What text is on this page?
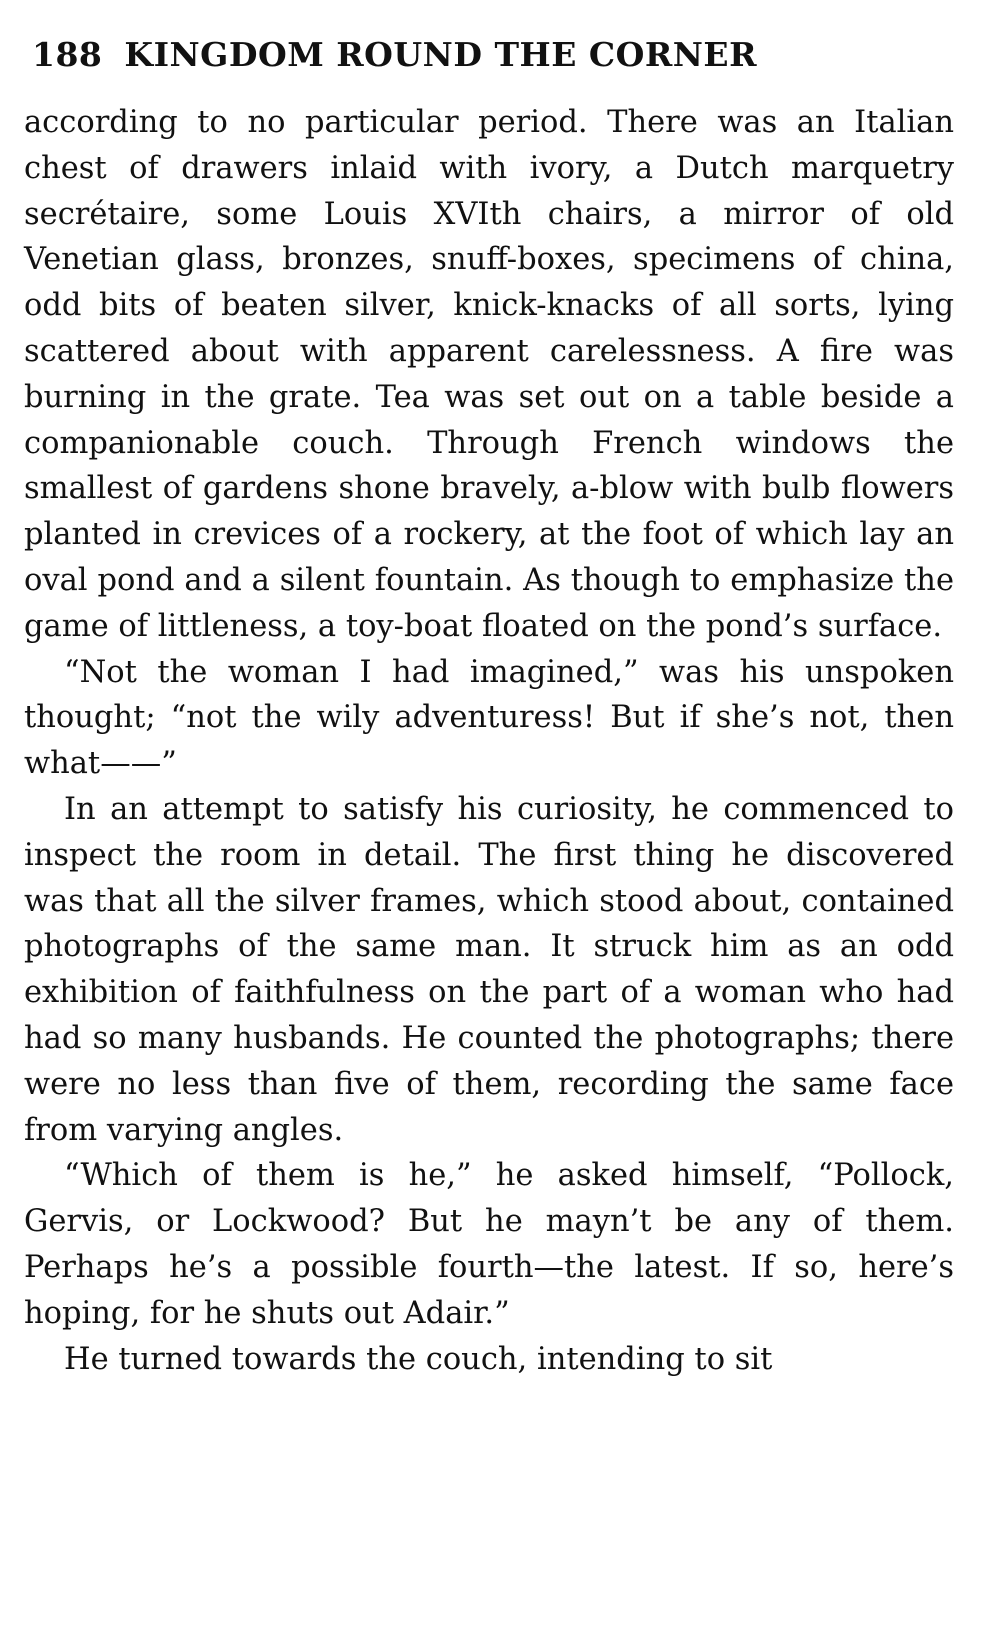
188 KINGDOM ROUND THE CORNER

according to no particular period. There was an Italian chest of drawers inlaid with ivory, a Dutch marquetry secrétaire, some Louis XVIth chairs, a mirror of old Venetian glass, bronzes, snuff-boxes, specimens of china, odd bits of beaten silver, knick-knacks of all sorts, lying scattered about with apparent carelessness. A fire was burning in the grate. Tea was set out on a table beside a companionable couch. Through French windows the smallest of gardens shone bravely, a-blow with bulb flowers planted in crevices of a rockery, at the foot of which lay an oval pond and a silent fountain. As though to emphasize the game of littleness, a toy-boat floated on the pond’s surface.

“Not the woman I had imagined,” was his unspoken thought; “not the wily adventuress! But if she’s not, then what——”

In an attempt to satisfy his curiosity, he commenced to inspect the room in detail. The first thing he discovered was that all the silver frames, which stood about, contained photographs of the same man. It struck him as an odd exhibition of faithfulness on the part of a woman who had had so many husbands. He counted the photographs; there were no less than five of them, recording the same face from varying angles.

“Which of them is he,” he asked himself, “Pollock, Gervis, or Lockwood? But he mayn’t be any of them. Perhaps he’s a possible fourth—the latest. If so, here’s hoping, for he shuts out Adair.”

He turned towards the couch, intending to sit
